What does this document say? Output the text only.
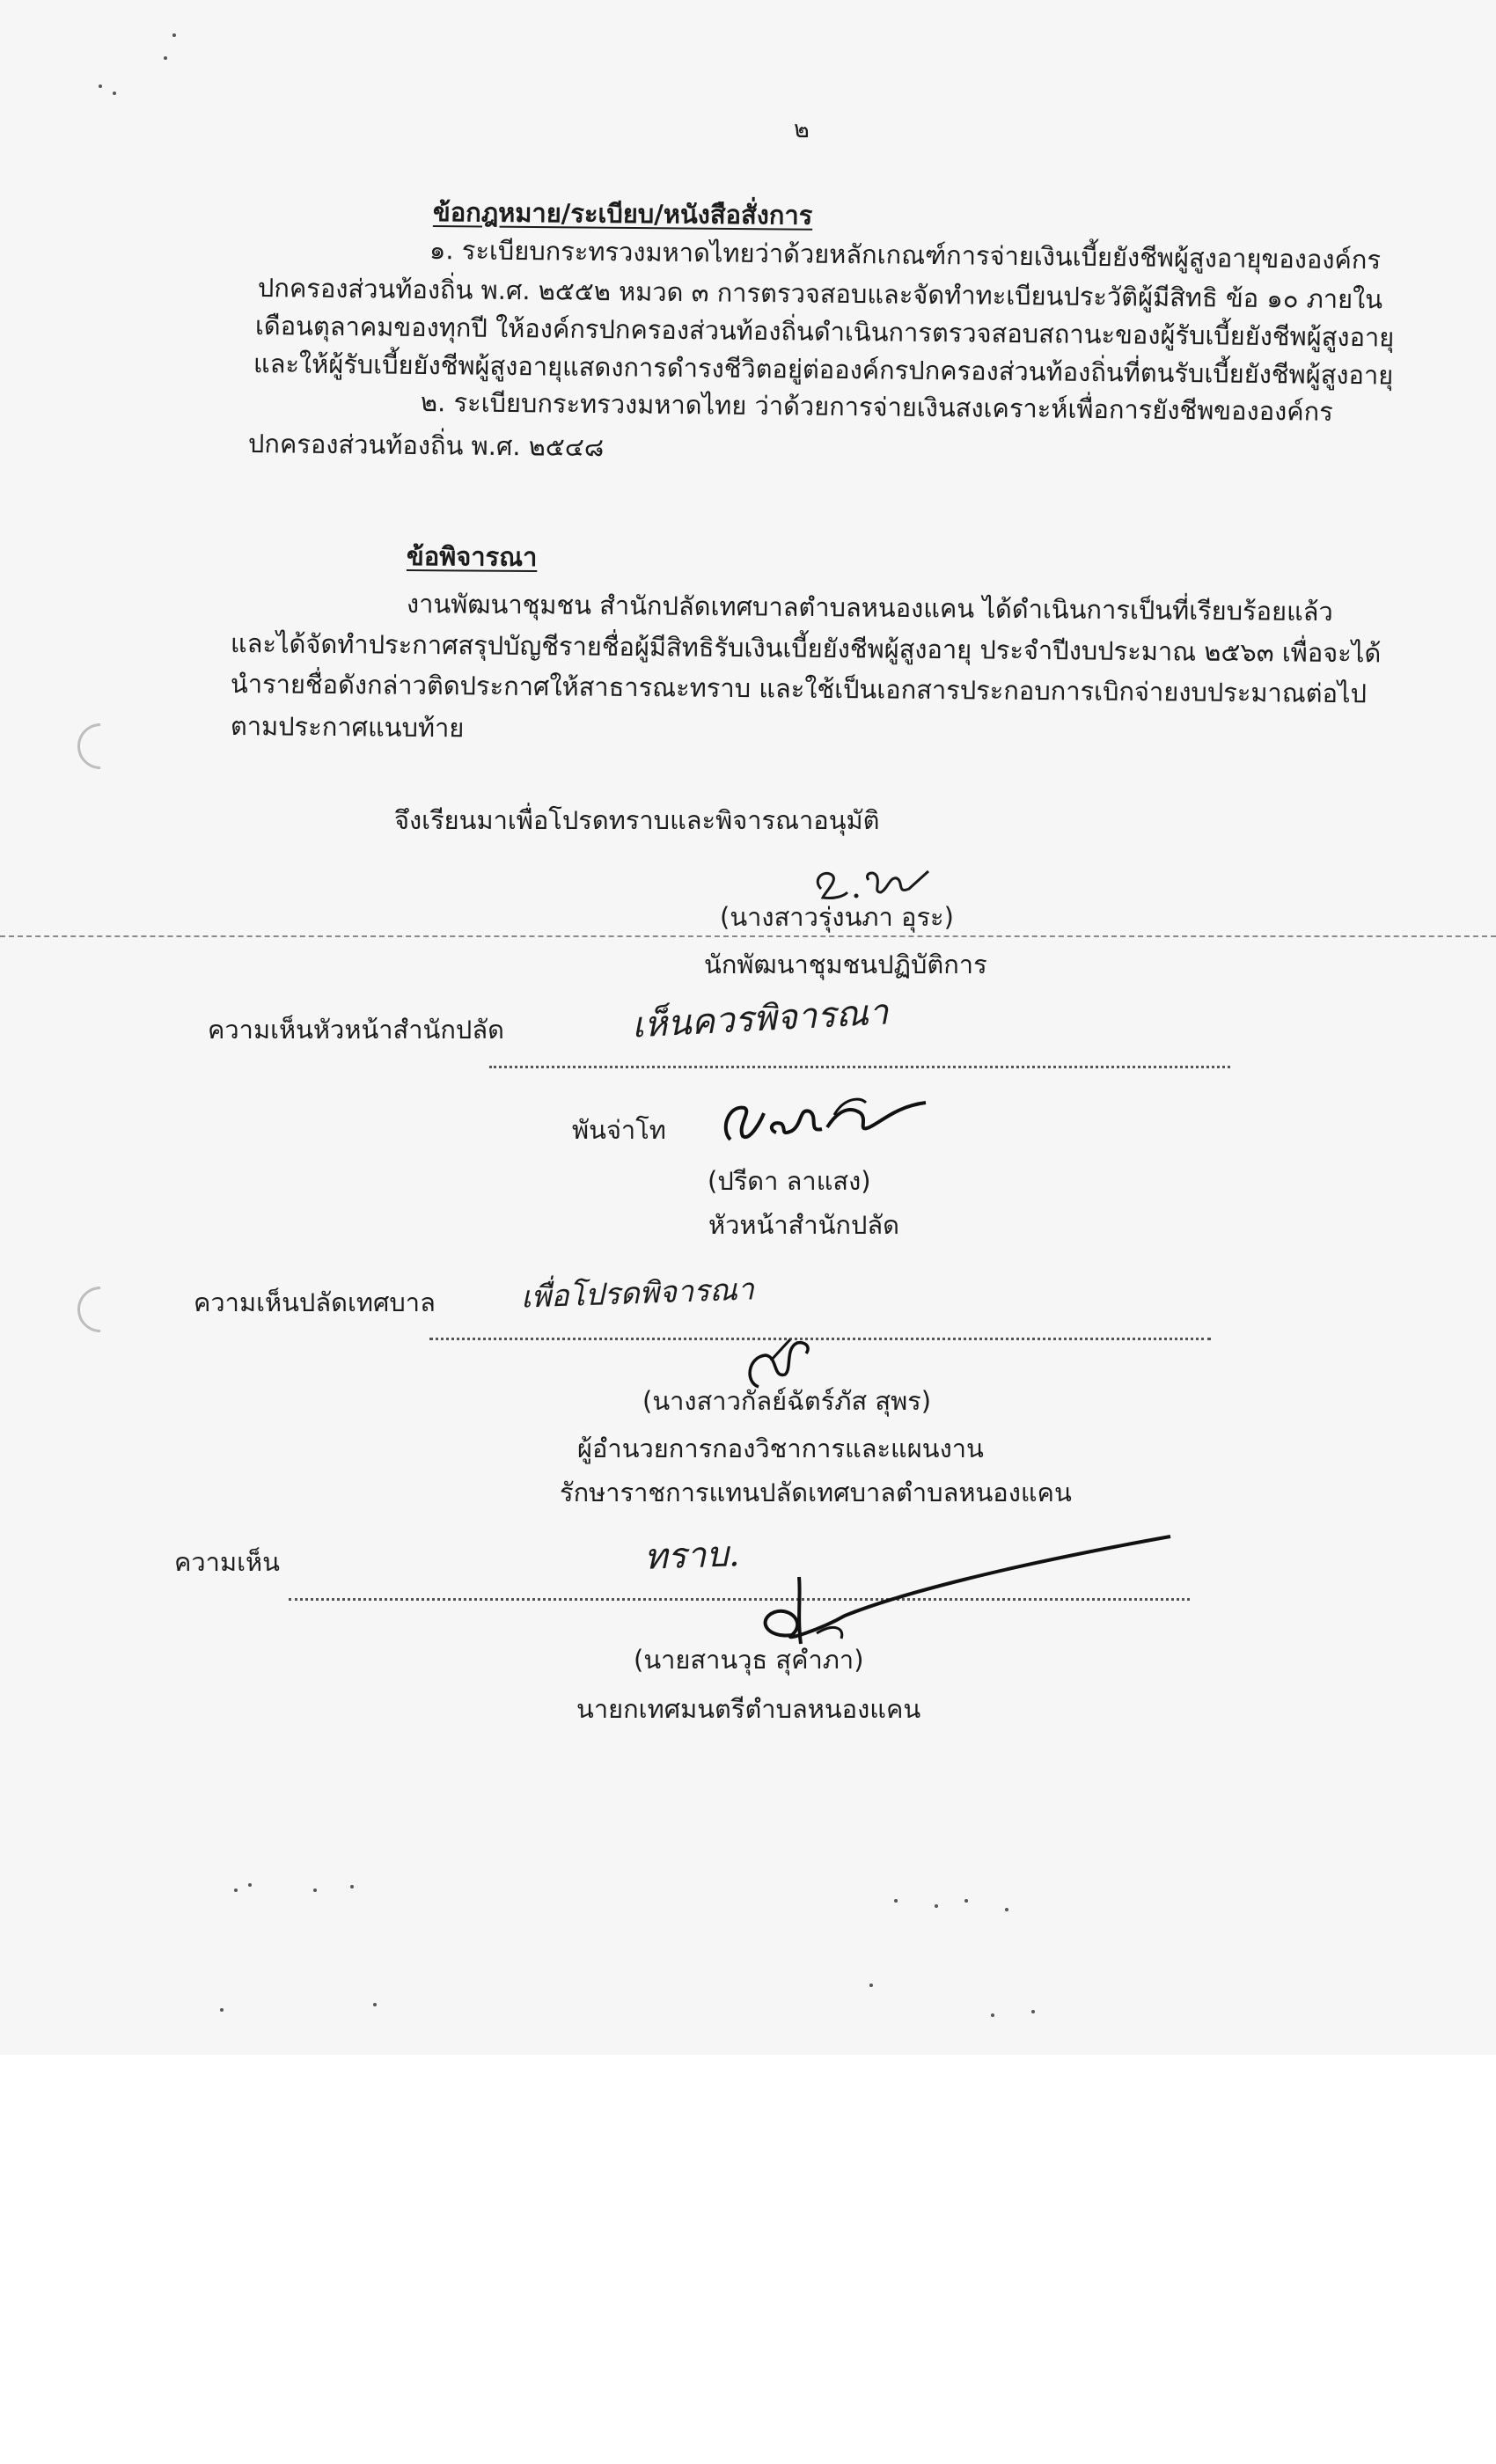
๒
ข้อกฎหมาย/ระเบียบ/หนังสือสั่งการ
๑. ระเบียบกระทรวงมหาดไทยว่าด้วยหลักเกณฑ์การจ่ายเงินเบี้ยยังชีพผู้สูงอายุขององค์กร
ปกครองส่วนท้องถิ่น พ.ศ. ๒๕๕๒ หมวด ๓ การตรวจสอบและจัดทำทะเบียนประวัติผู้มีสิทธิ ข้อ ๑๐ ภายใน
เดือนตุลาคมของทุกปี ให้องค์กรปกครองส่วนท้องถิ่นดำเนินการตรวจสอบสถานะของผู้รับเบี้ยยังชีพผู้สูงอายุ
และให้ผู้รับเบี้ยยังชีพผู้สูงอายุแสดงการดำรงชีวิตอยู่ต่อองค์กรปกครองส่วนท้องถิ่นที่ตนรับเบี้ยยังชีพผู้สูงอายุ
๒. ระเบียบกระทรวงมหาดไทย ว่าด้วยการจ่ายเงินสงเคราะห์เพื่อการยังชีพขององค์กร
ปกครองส่วนท้องถิ่น พ.ศ. ๒๕๔๘
ข้อพิจารณา
งานพัฒนาชุมชน สำนักปลัดเทศบาลตำบลหนองแคน ได้ดำเนินการเป็นที่เรียบร้อยแล้ว
และได้จัดทำประกาศสรุปบัญชีรายชื่อผู้มีสิทธิรับเงินเบี้ยยังชีพผู้สูงอายุ ประจำปีงบประมาณ ๒๕๖๓ เพื่อจะได้
นำรายชื่อดังกล่าวติดประกาศให้สาธารณะทราบ และใช้เป็นเอกสารประกอบการเบิกจ่ายงบประมาณต่อไป
ตามประกาศแนบท้าย
จึงเรียนมาเพื่อโปรดทราบและพิจารณาอนุมัติ
(นางสาวรุ่งนภา อุระ)
นักพัฒนาชุมชนปฏิบัติการ
ความเห็นหัวหน้าสำนักปลัด	เห็นควรพิจารณา
พันจ่าโท
(ปรีดา ลาแสง)
หัวหน้าสำนักปลัด
ความเห็นปลัดเทศบาล	เพื่อโปรดพิจารณา
(นางสาวกัลย์ฉัตร์ภัส สุพร)
ผู้อำนวยการกองวิชาการและแผนงาน
รักษาราชการแทนปลัดเทศบาลตำบลหนองแคน
ความเห็น	ทราบ.
(นายสานวุธ สุคำภา)
นายกเทศมนตรีตำบลหนองแคน
